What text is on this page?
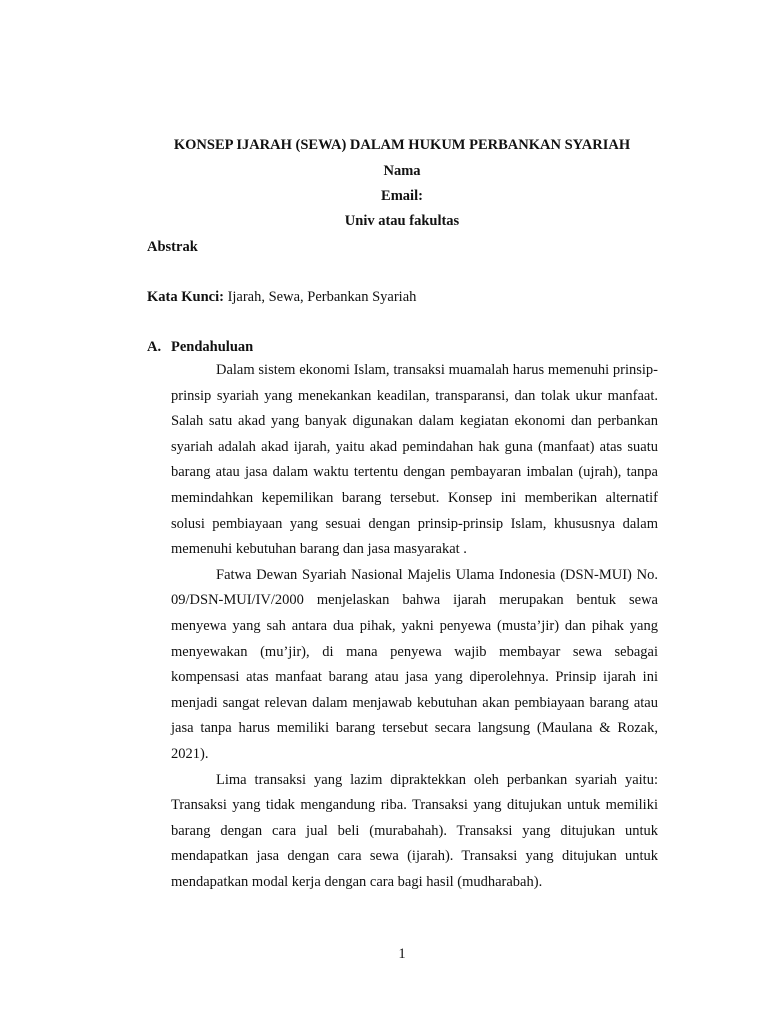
KONSEP IJARAH (SEWA) DALAM HUKUM PERBANKAN SYARIAH
Nama
Email:
Univ atau fakultas
Abstrak
Kata Kunci: Ijarah, Sewa, Perbankan Syariah
A. Pendahuluan

Dalam sistem ekonomi Islam, transaksi muamalah harus memenuhi prinsip-prinsip syariah yang menekankan keadilan, transparansi, dan tolak ukur manfaat. Salah satu akad yang banyak digunakan dalam kegiatan ekonomi dan perbankan syariah adalah akad ijarah, yaitu akad pemindahan hak guna (manfaat) atas suatu barang atau jasa dalam waktu tertentu dengan pembayaran imbalan (ujrah), tanpa memindahkan kepemilikan barang tersebut. Konsep ini memberikan alternatif solusi pembiayaan yang sesuai dengan prinsip-prinsip Islam, khususnya dalam memenuhi kebutuhan barang dan jasa masyarakat .

Fatwa Dewan Syariah Nasional Majelis Ulama Indonesia (DSN-MUI) No. 09/DSN-MUI/IV/2000 menjelaskan bahwa ijarah merupakan bentuk sewa menyewa yang sah antara dua pihak, yakni penyewa (musta’jir) dan pihak yang menyewakan (mu’jir), di mana penyewa wajib membayar sewa sebagai kompensasi atas manfaat barang atau jasa yang diperolehnya. Prinsip ijarah ini menjadi sangat relevan dalam menjawab kebutuhan akan pembiayaan barang atau jasa tanpa harus memiliki barang tersebut secara langsung (Maulana & Rozak, 2021).

Lima transaksi yang lazim dipraktekkan oleh perbankan syariah yaitu: Transaksi yang tidak mengandung riba. Transaksi yang ditujukan untuk memiliki barang dengan cara jual beli (murabahah). Transaksi yang ditujukan untuk mendapatkan jasa dengan cara sewa (ijarah). Transaksi yang ditujukan untuk mendapatkan modal kerja dengan cara bagi hasil (mudharabah).

1
